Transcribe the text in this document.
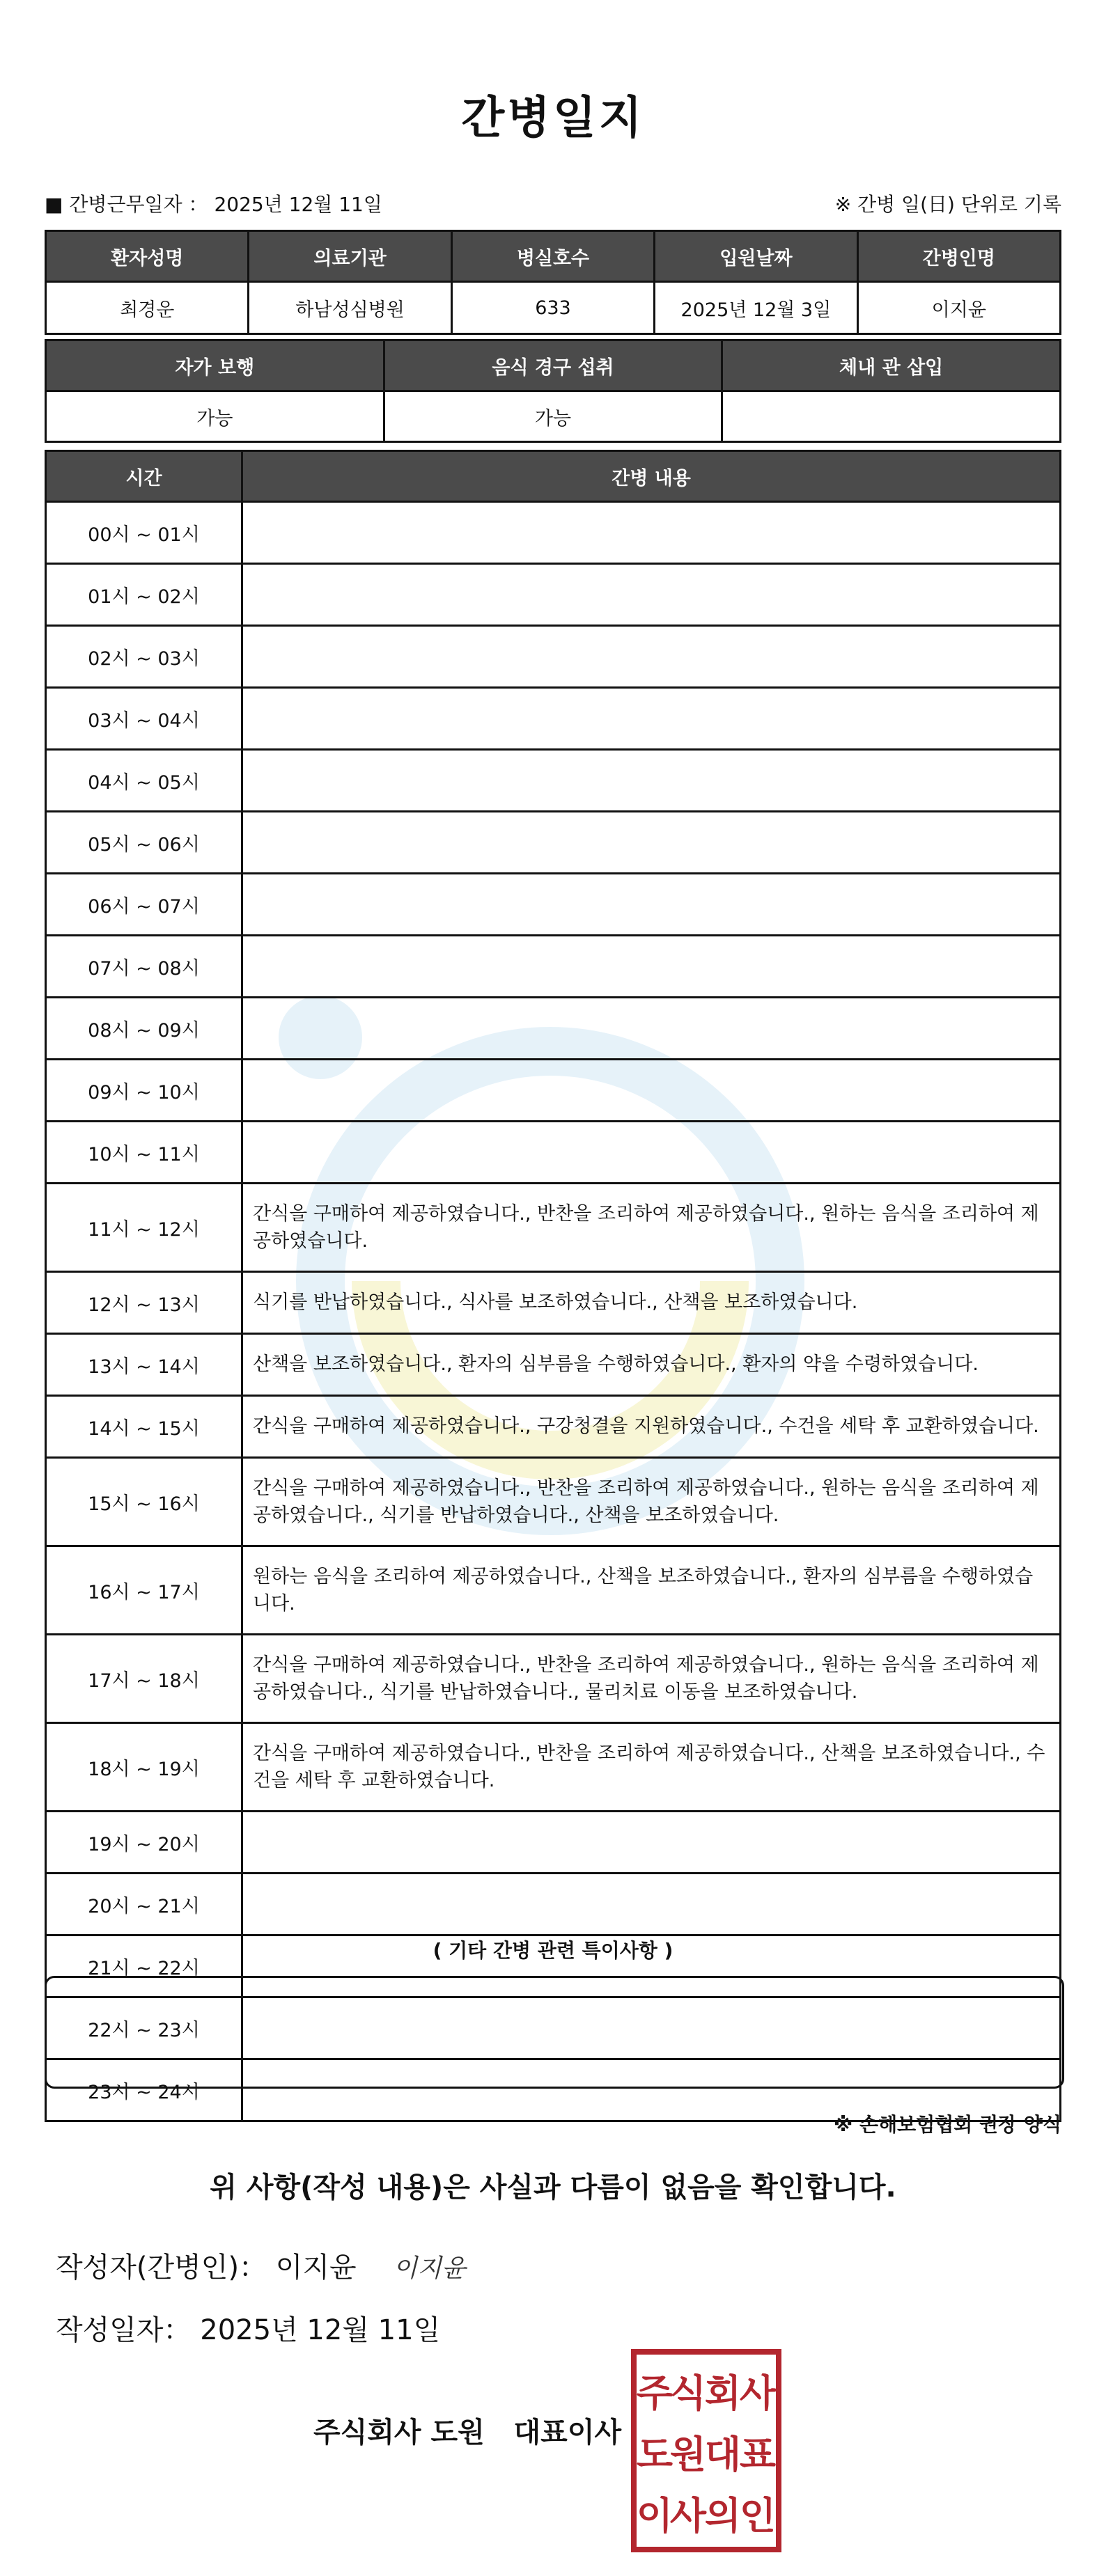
간병일지
■ 간병근무일자 ： 2025년 12월 11일	※ 간병 일(日) 단위로 기록
환자성명	의료기관	병실호수	입원날짜	간병인명
최경운	하남성심병원	633	2025년 12월 3일	이지윤
자가 보행	음식 경구 섭취	체내 관 삽입
가능	가능	
시간	간병 내용
00시 ~ 01시	
01시 ~ 02시	
02시 ~ 03시	
03시 ~ 04시	
04시 ~ 05시	
05시 ~ 06시	
06시 ~ 07시	
07시 ~ 08시	
08시 ~ 09시	
09시 ~ 10시	
10시 ~ 11시	
11시 ~ 12시	간식을 구매하여 제공하였습니다., 반찬을 조리하여 제공하였습니다., 원하는 음식을 조리하여 제공하였습니다.
12시 ~ 13시	식기를 반납하였습니다., 식사를 보조하였습니다., 산책을 보조하였습니다.
13시 ~ 14시	산책을 보조하였습니다., 환자의 심부름을 수행하였습니다., 환자의 약을 수령하였습니다.
14시 ~ 15시	간식을 구매하여 제공하였습니다., 구강청결을 지원하였습니다., 수건을 세탁 후 교환하였습니다.
15시 ~ 16시	간식을 구매하여 제공하였습니다., 반찬을 조리하여 제공하였습니다., 원하는 음식을 조리하여 제공하였습니다., 식기를 반납하였습니다., 산책을 보조하였습니다.
16시 ~ 17시	원하는 음식을 조리하여 제공하였습니다., 산책을 보조하였습니다., 환자의 심부름을 수행하였습니다.
17시 ~ 18시	간식을 구매하여 제공하였습니다., 반찬을 조리하여 제공하였습니다., 원하는 음식을 조리하여 제공하였습니다., 식기를 반납하였습니다., 물리치료 이동을 보조하였습니다.
18시 ~ 19시	간식을 구매하여 제공하였습니다., 반찬을 조리하여 제공하였습니다., 산책을 보조하였습니다., 수건을 세탁 후 교환하였습니다.
19시 ~ 20시	
20시 ~ 21시	
21시 ~ 22시	
22시 ~ 23시	
23시 ~ 24시	
( 기타 간병 관련 특이사항 )
※ 손해보험협회 권장 양식
위 사항(작성 내용)은 사실과 다름이 없음을 확인합니다.
작성자(간병인)： 이지윤 이지윤
작성일자： 2025년 12월 11일
주식회사 도원   대표이사
주
식
회
사
도
원
대
표
이
사
의
인
